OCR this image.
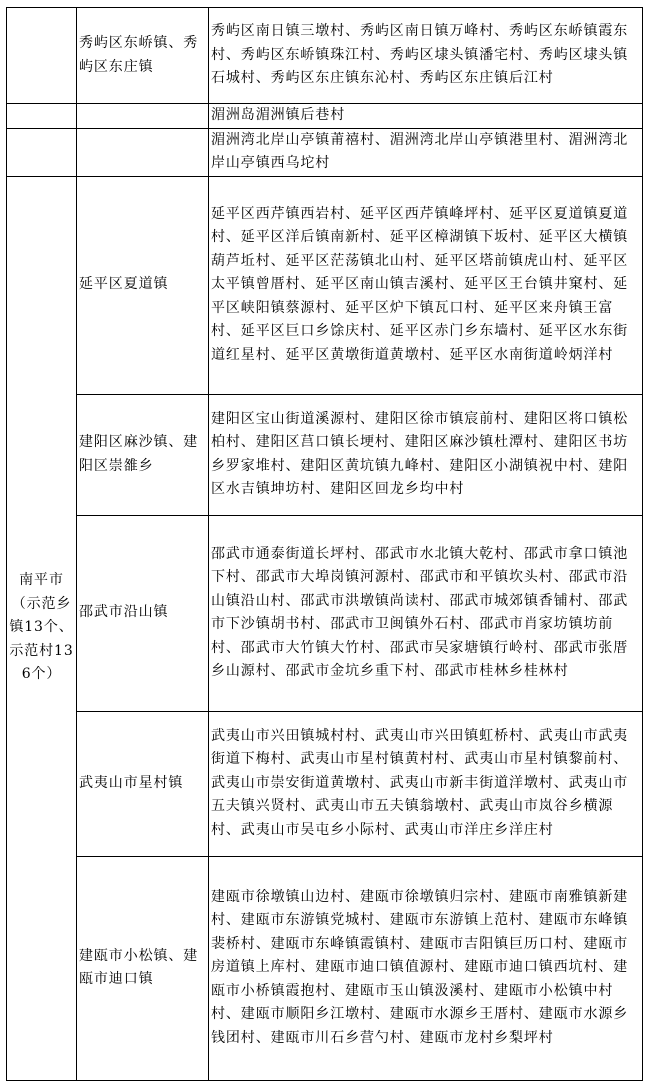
	秀屿区东峤镇、秀屿区东庄镇	秀屿区南日镇三墩村、秀屿区南日镇万峰村、秀屿区东峤镇霞东村、秀屿区东峤镇珠江村、秀屿区埭头镇潘宅村、秀屿区埭头镇石城村、秀屿区东庄镇东沁村、秀屿区东庄镇后江村
		湄洲岛湄洲镇后巷村
		湄洲湾北岸山亭镇莆禧村、湄洲湾北岸山亭镇港里村、湄洲湾北岸山亭镇西乌坨村
南平市（示范乡镇13个、示范村136个）	延平区夏道镇	延平区西芹镇西岩村、延平区西芹镇峰坪村、延平区夏道镇夏道村、延平区洋后镇南新村、延平区樟湖镇下坂村、延平区大横镇葫芦坵村、延平区茫荡镇北山村、延平区塔前镇虎山村、延平区太平镇曾厝村、延平区南山镇吉溪村、延平区王台镇井窠村、延平区峡阳镇蔡源村、延平区炉下镇瓦口村、延平区来舟镇王富村、延平区巨口乡馀庆村、延平区赤门乡东墙村、延平区水东街道红星村、延平区黄墩街道黄墩村、延平区水南街道岭炳洋村
	建阳区麻沙镇、建阳区崇雒乡	建阳区宝山街道溪源村、建阳区徐市镇宸前村、建阳区将口镇松柏村、建阳区莒口镇长埂村、建阳区麻沙镇杜潭村、建阳区书坊乡罗家堆村、建阳区黄坑镇九峰村、建阳区小湖镇祝中村、建阳区水吉镇坤坊村、建阳区回龙乡均中村
	邵武市沿山镇	邵武市通泰街道长坪村、邵武市水北镇大乾村、邵武市拿口镇池下村、邵武市大埠岗镇河源村、邵武市和平镇坎头村、邵武市沿山镇沿山村、邵武市洪墩镇尚读村、邵武市城郊镇香铺村、邵武市下沙镇胡书村、邵武市卫闽镇外石村、邵武市肖家坊镇坊前村、邵武市大竹镇大竹村、邵武市吴家塘镇行岭村、邵武市张厝乡山源村、邵武市金坑乡重下村、邵武市桂林乡桂林村
	武夷山市星村镇	武夷山市兴田镇城村村、武夷山市兴田镇虹桥村、武夷山市武夷街道下梅村、武夷山市星村镇黄村村、武夷山市星村镇黎前村、武夷山市崇安街道黄墩村、武夷山市新丰街道洋墩村、武夷山市五夫镇兴贤村、武夷山市五夫镇翁墩村、武夷山市岚谷乡横源村、武夷山市吴屯乡小际村、武夷山市洋庄乡洋庄村
	建瓯市小松镇、建瓯市迪口镇	建瓯市徐墩镇山边村、建瓯市徐墩镇归宗村、建瓯市南雅镇新建村、建瓯市东游镇党城村、建瓯市东游镇上范村、建瓯市东峰镇裴桥村、建瓯市东峰镇霞镇村、建瓯市吉阳镇巨历口村、建瓯市房道镇上库村、建瓯市迪口镇值源村、建瓯市迪口镇西坑村、建瓯市小桥镇霞抱村、建瓯市玉山镇汲溪村、建瓯市小松镇中村村、建瓯市顺阳乡江墩村、建瓯市水源乡王厝村、建瓯市水源乡钱团村、建瓯市川石乡营勺村、建瓯市龙村乡梨坪村
